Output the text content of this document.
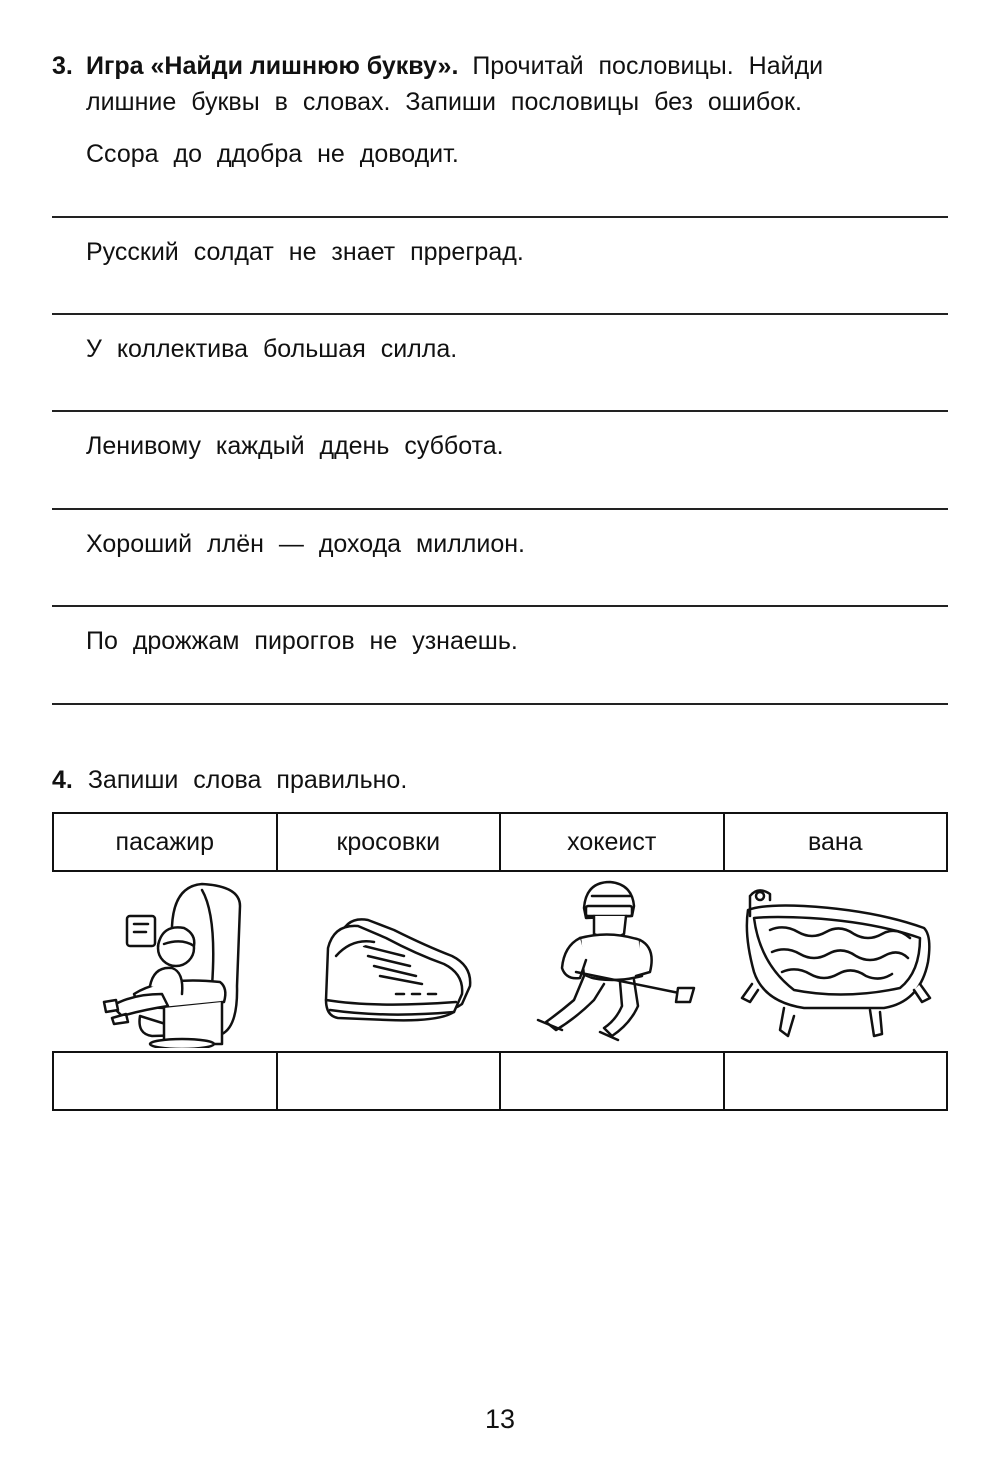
3. Игра «Найди лишнюю букву». Прочитай пословицы. Найди
лишние буквы в словах. Запиши пословицы без ошибок.
Ссора до ддобра не доводит.
Русский солдат не знает прреград.
У коллектива большая силла.
Ленивому каждый ддень суббота.
Хороший ллён — дохода миллион.
По дрожжам пироггов не узнаешь.
4. Запиши слова правильно.
пасажир	кросовки	хокеист	вана
13
